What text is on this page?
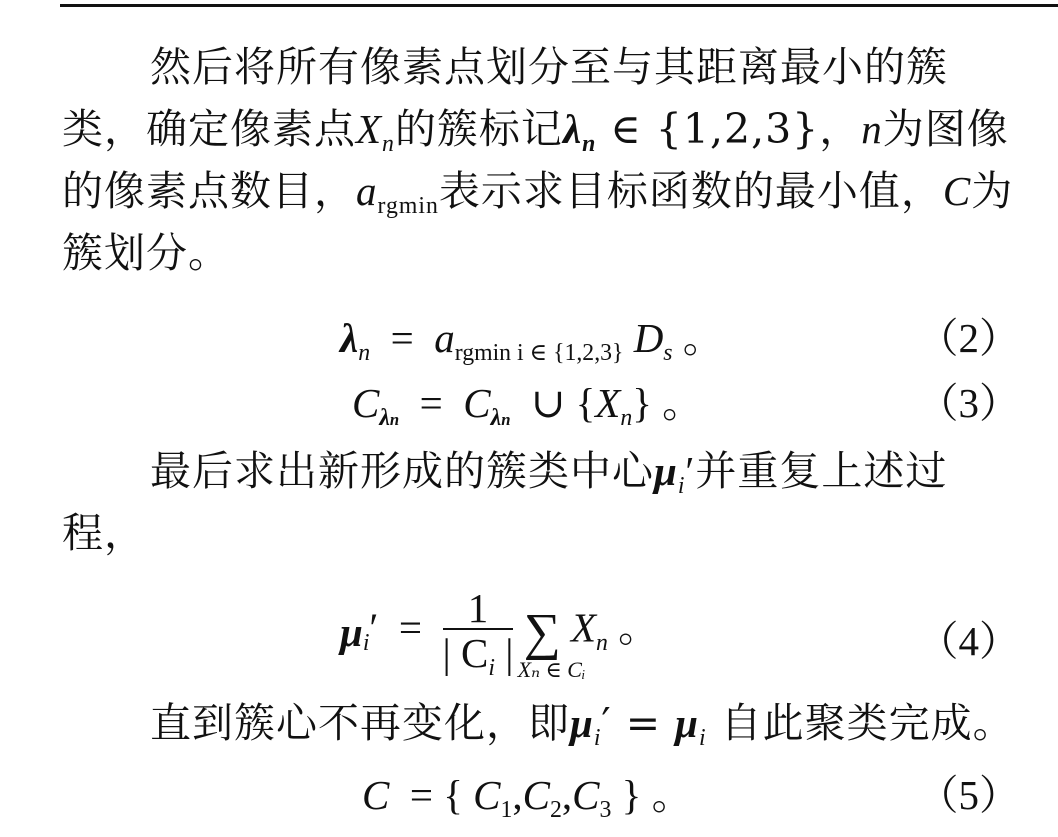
然后将所有像素点划分至与其距离最小的簇类，确定像素点$X_n$的簇标记$\lambda_n$ ∈ {1,2,3}，n为图像的像素点数目，$a_{rgmin}$表示求目标函数的最小值，C为簇划分。
$\lambda_n = a_{rgmin i \in \{1,2,3\}}$ $D_s$ 。	（2）
$C_{\lambda n} = C_{\lambda n}$ ∪ $\{X_n\}$ 。	（3）
最后求出新形成的簇类中心$\mu_i'$并重复上述过程，
$\mu_i' = \frac{1}{| C_i |}$ ∑
Xₙ ∈ Cᵢ
$X_n$ 。	（4）
直到簇心不再变化，即$\mu_i' = \mu_i$ 自此聚类完成。
C = { $C_1,C_2,C_3$ } 。	（5）
